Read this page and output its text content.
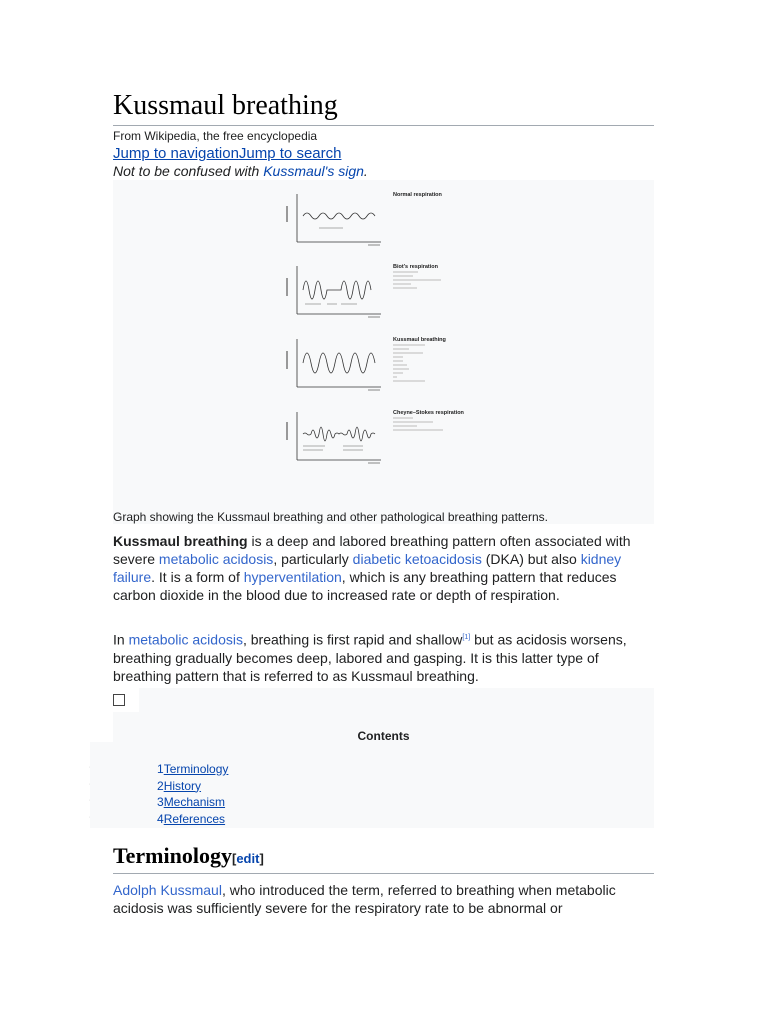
Kussmaul breathing
From Wikipedia, the free encyclopedia
Jump to navigationJump to search
Not to be confused with Kussmaul's sign.
Normal respiration
Biot's respiration
Kussmaul breathing
Cheyne–Stokes respiration
Graph showing the Kussmaul breathing and other pathological breathing patterns.

Kussmaul breathing is a deep and labored breathing pattern often associated with severe metabolic acidosis, particularly diabetic ketoacidosis (DKA) but also kidney failure. It is a form of hyperventilation, which is any breathing pattern that reduces carbon dioxide in the blood due to increased rate or depth of respiration.

In metabolic acidosis, breathing is first rapid and shallow[1] but as acidosis worsens, breathing gradually becomes deep, labored and gasping. It is this latter type of breathing pattern that is referred to as Kussmaul breathing.

Contents
1Terminology
2History
3Mechanism
4References
Terminology[edit]

Adolph Kussmaul, who introduced the term, referred to breathing when metabolic acidosis was sufficiently severe for the respiratory rate to be abnormal or
